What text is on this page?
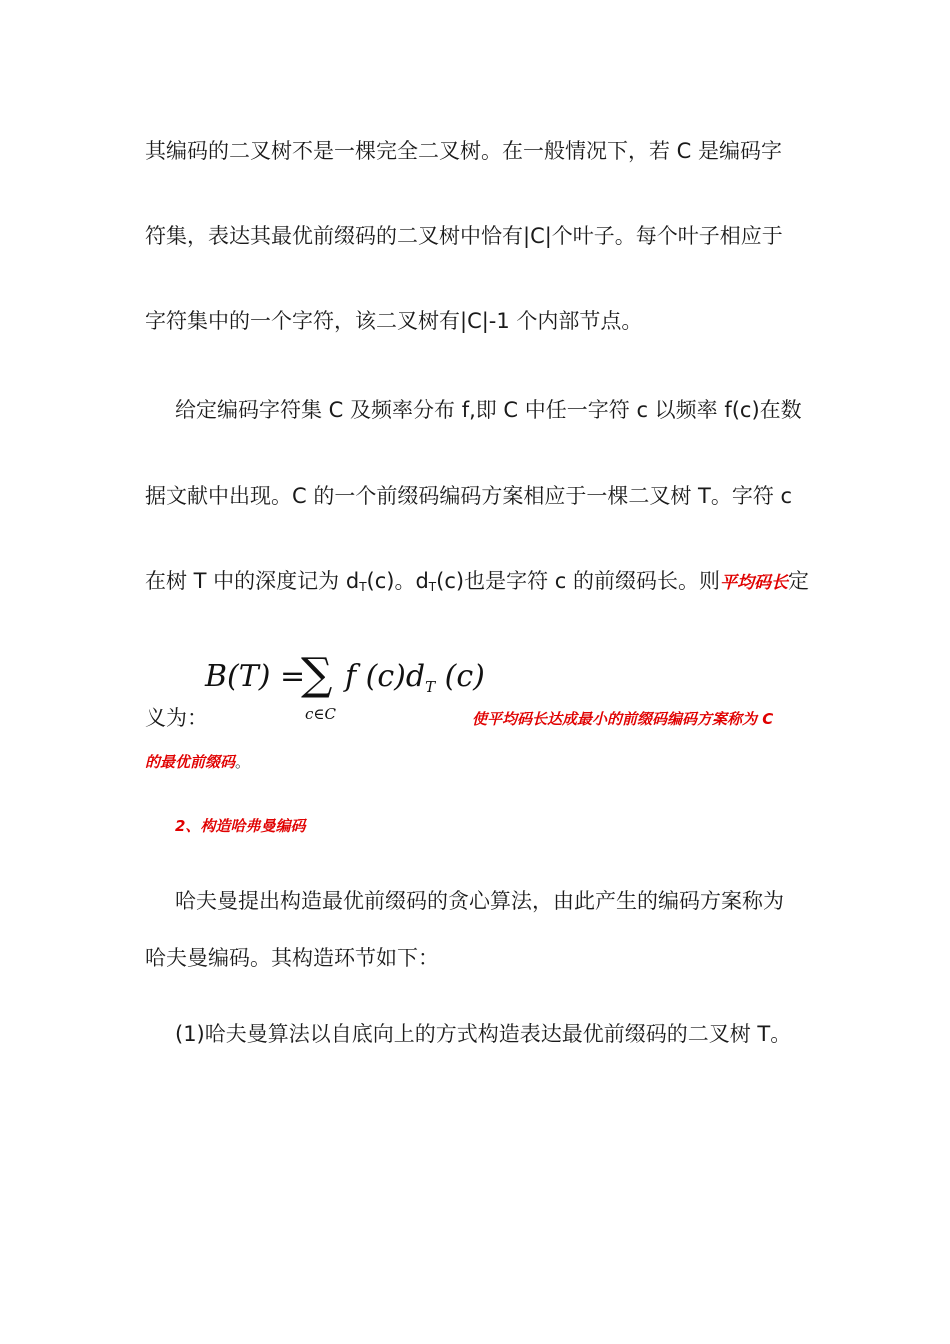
其编码的二叉树不是一棵完全二叉树。在一般情况下，若 C 是编码字
符集，表达其最优前缀码的二叉树中恰有|C|个叶子。每个叶子相应于
字符集中的一个字符，该二叉树有|C|-1 个内部节点。
给定编码字符集 C 及频率分布 f,即 C 中任一字符 c 以频率 f(c)在数
据文献中出现。C 的一个前缀码编码方案相应于一棵二叉树 T。字符 c
在树 T 中的深度记为 $d_T(c)$。$d_T(c)$也是字符 c 的前缀码长。则平均码长定
B(T) =
∑ f $(c)d_T$ (c)
c∈C
义为：	使平均码长达成最小的前缀码编码方案称为 C
的最优前缀码。
2、构造哈弗曼编码
哈夫曼提出构造最优前缀码的贪心算法，由此产生的编码方案称为
哈夫曼编码。其构造环节如下：
(1)哈夫曼算法以自底向上的方式构造表达最优前缀码的二叉树 T。
